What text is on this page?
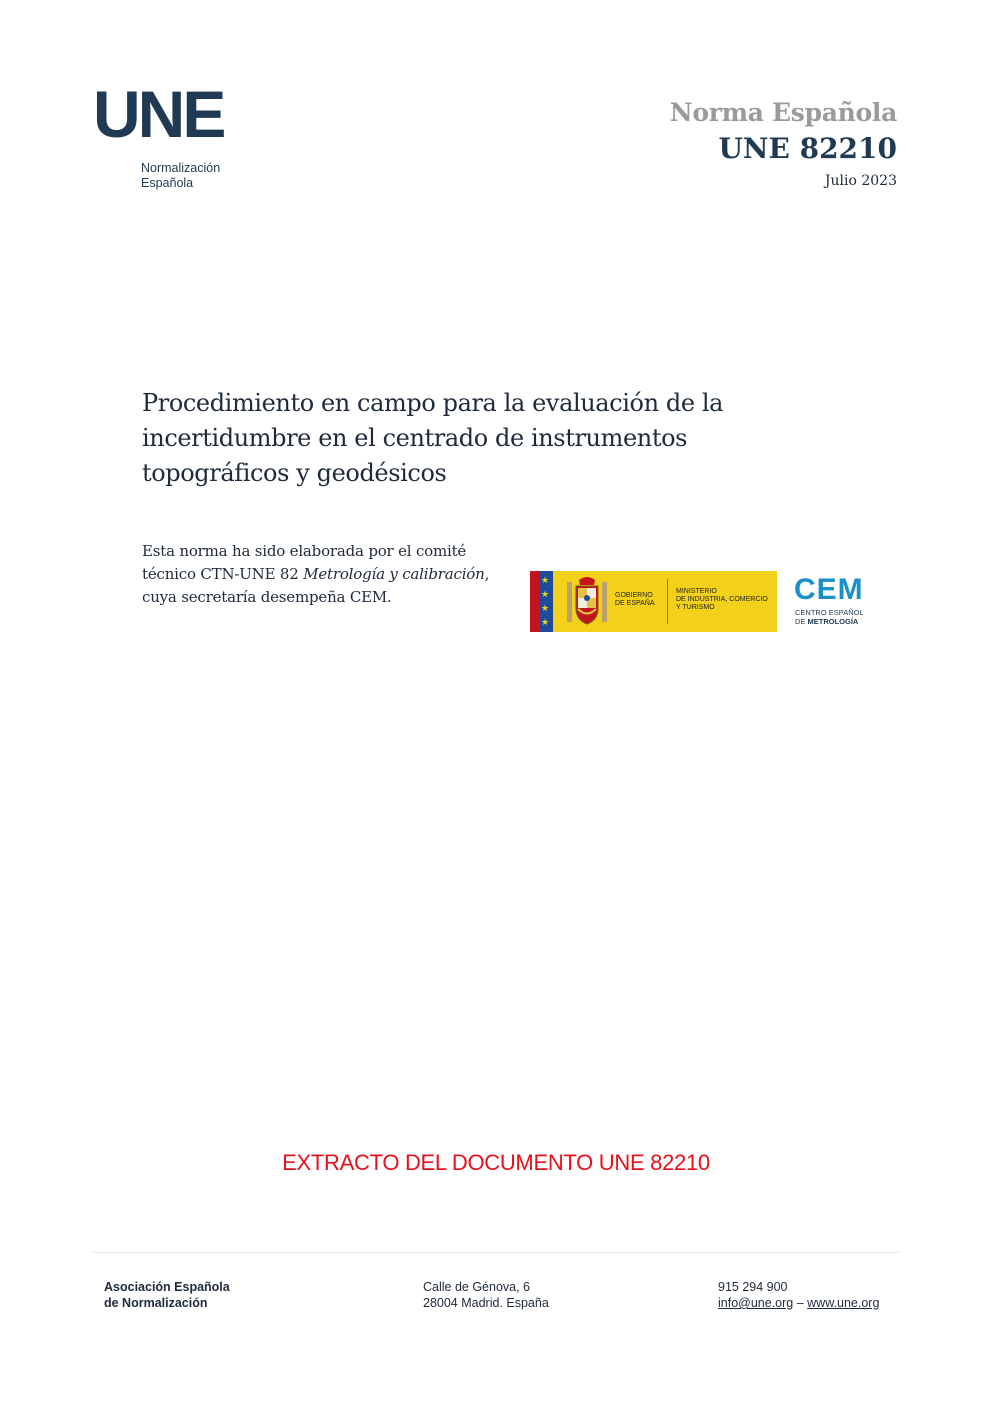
UNE
Normalización
Española
Norma Española
UNE 82210
Julio 2023
Procedimiento en campo para la evaluación de la
incertidumbre en el centrado de instrumentos
topográficos y geodésicos
Esta norma ha sido elaborada por el comité técnico CTN-UNE 82 Metrología y calibración, cuya secretaría desempeña CEM.
★
★
★
★
GOBIERNO
DE ESPAÑA
MINISTERIO
DE INDUSTRIA, COMERCIO
Y TURISMO
CEM
CENTRO ESPAÑOL
DE METROLOGÍA
EXTRACTO DEL DOCUMENTO UNE 82210
Asociación Española
de Normalización
Calle de Génova, 6
28004 Madrid. España
915 294 900
info@une.org – www.une.org
